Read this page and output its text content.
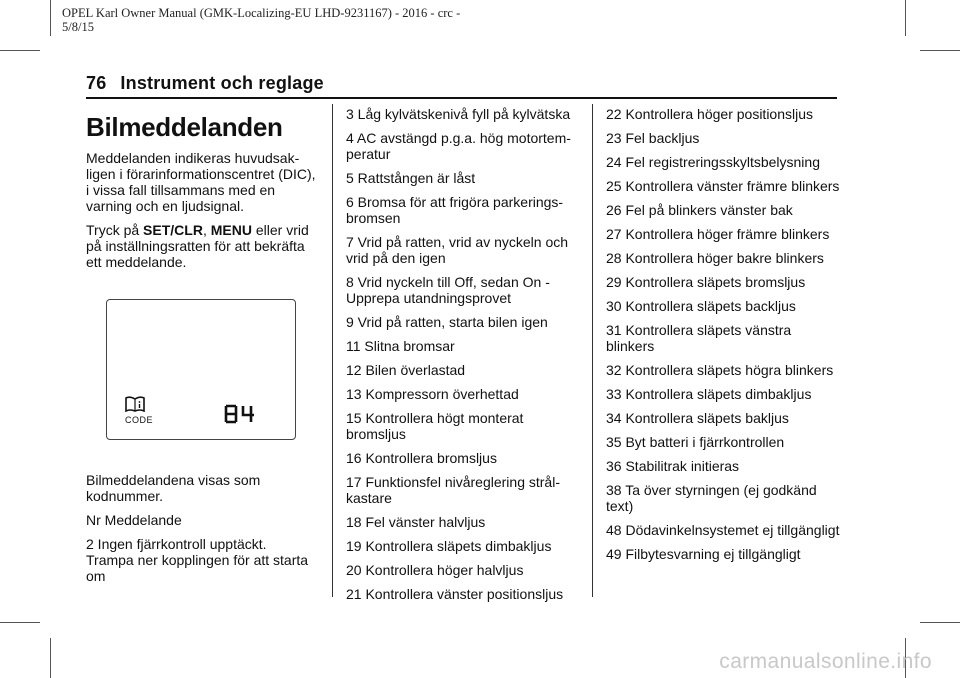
OPEL Karl Owner Manual (GMK-Localizing-EU LHD-9231167) - 2016 - crc -
5/8/15
76 Instrument och reglage
Bilmeddelanden

Meddelanden indikeras huvudsak-ligen i förarinformationscentret (DIC), i vissa fall tillsammans med en varning och en ljudsignal.

Tryck på SET/CLR, MENU eller vrid på inställningsratten för att bekräfta ett meddelande.

CODE

Bilmeddelandena visas som kodnummer.

Nr Meddelande

2 Ingen fjärrkontroll upptäckt. Trampa ner kopplingen för att starta om

3 Låg kylvätskenivå fyll på kylvätska

4 AC avstängd p.g.a. hög motortem-peratur

5 Rattstången är låst

6 Bromsa för att frigöra parkerings-bromsen

7 Vrid på ratten, vrid av nyckeln och vrid på den igen

8 Vrid nyckeln till Off, sedan On - Upprepa utandningsprovet

9 Vrid på ratten, starta bilen igen

11 Slitna bromsar

12 Bilen överlastad

13 Kompressorn överhettad

15 Kontrollera högt monterat bromsljus

16 Kontrollera bromsljus

17 Funktionsfel nivåreglering strål-kastare

18 Fel vänster halvljus

19 Kontrollera släpets dimbakljus

20 Kontrollera höger halvljus

21 Kontrollera vänster positionsljus

22 Kontrollera höger positionsljus

23 Fel backljus

24 Fel registreringsskyltsbelysning

25 Kontrollera vänster främre blinkers

26 Fel på blinkers vänster bak

27 Kontrollera höger främre blinkers

28 Kontrollera höger bakre blinkers

29 Kontrollera släpets bromsljus

30 Kontrollera släpets backljus

31 Kontrollera släpets vänstra blinkers

32 Kontrollera släpets högra blinkers

33 Kontrollera släpets dimbakljus

34 Kontrollera släpets bakljus

35 Byt batteri i fjärrkontrollen

36 Stabilitrak initieras

38 Ta över styrningen (ej godkänd text)

48 Dödavinkelnsystemet ej tillgängligt

49 Filbytesvarning ej tillgängligt

carmanualsonline.info
